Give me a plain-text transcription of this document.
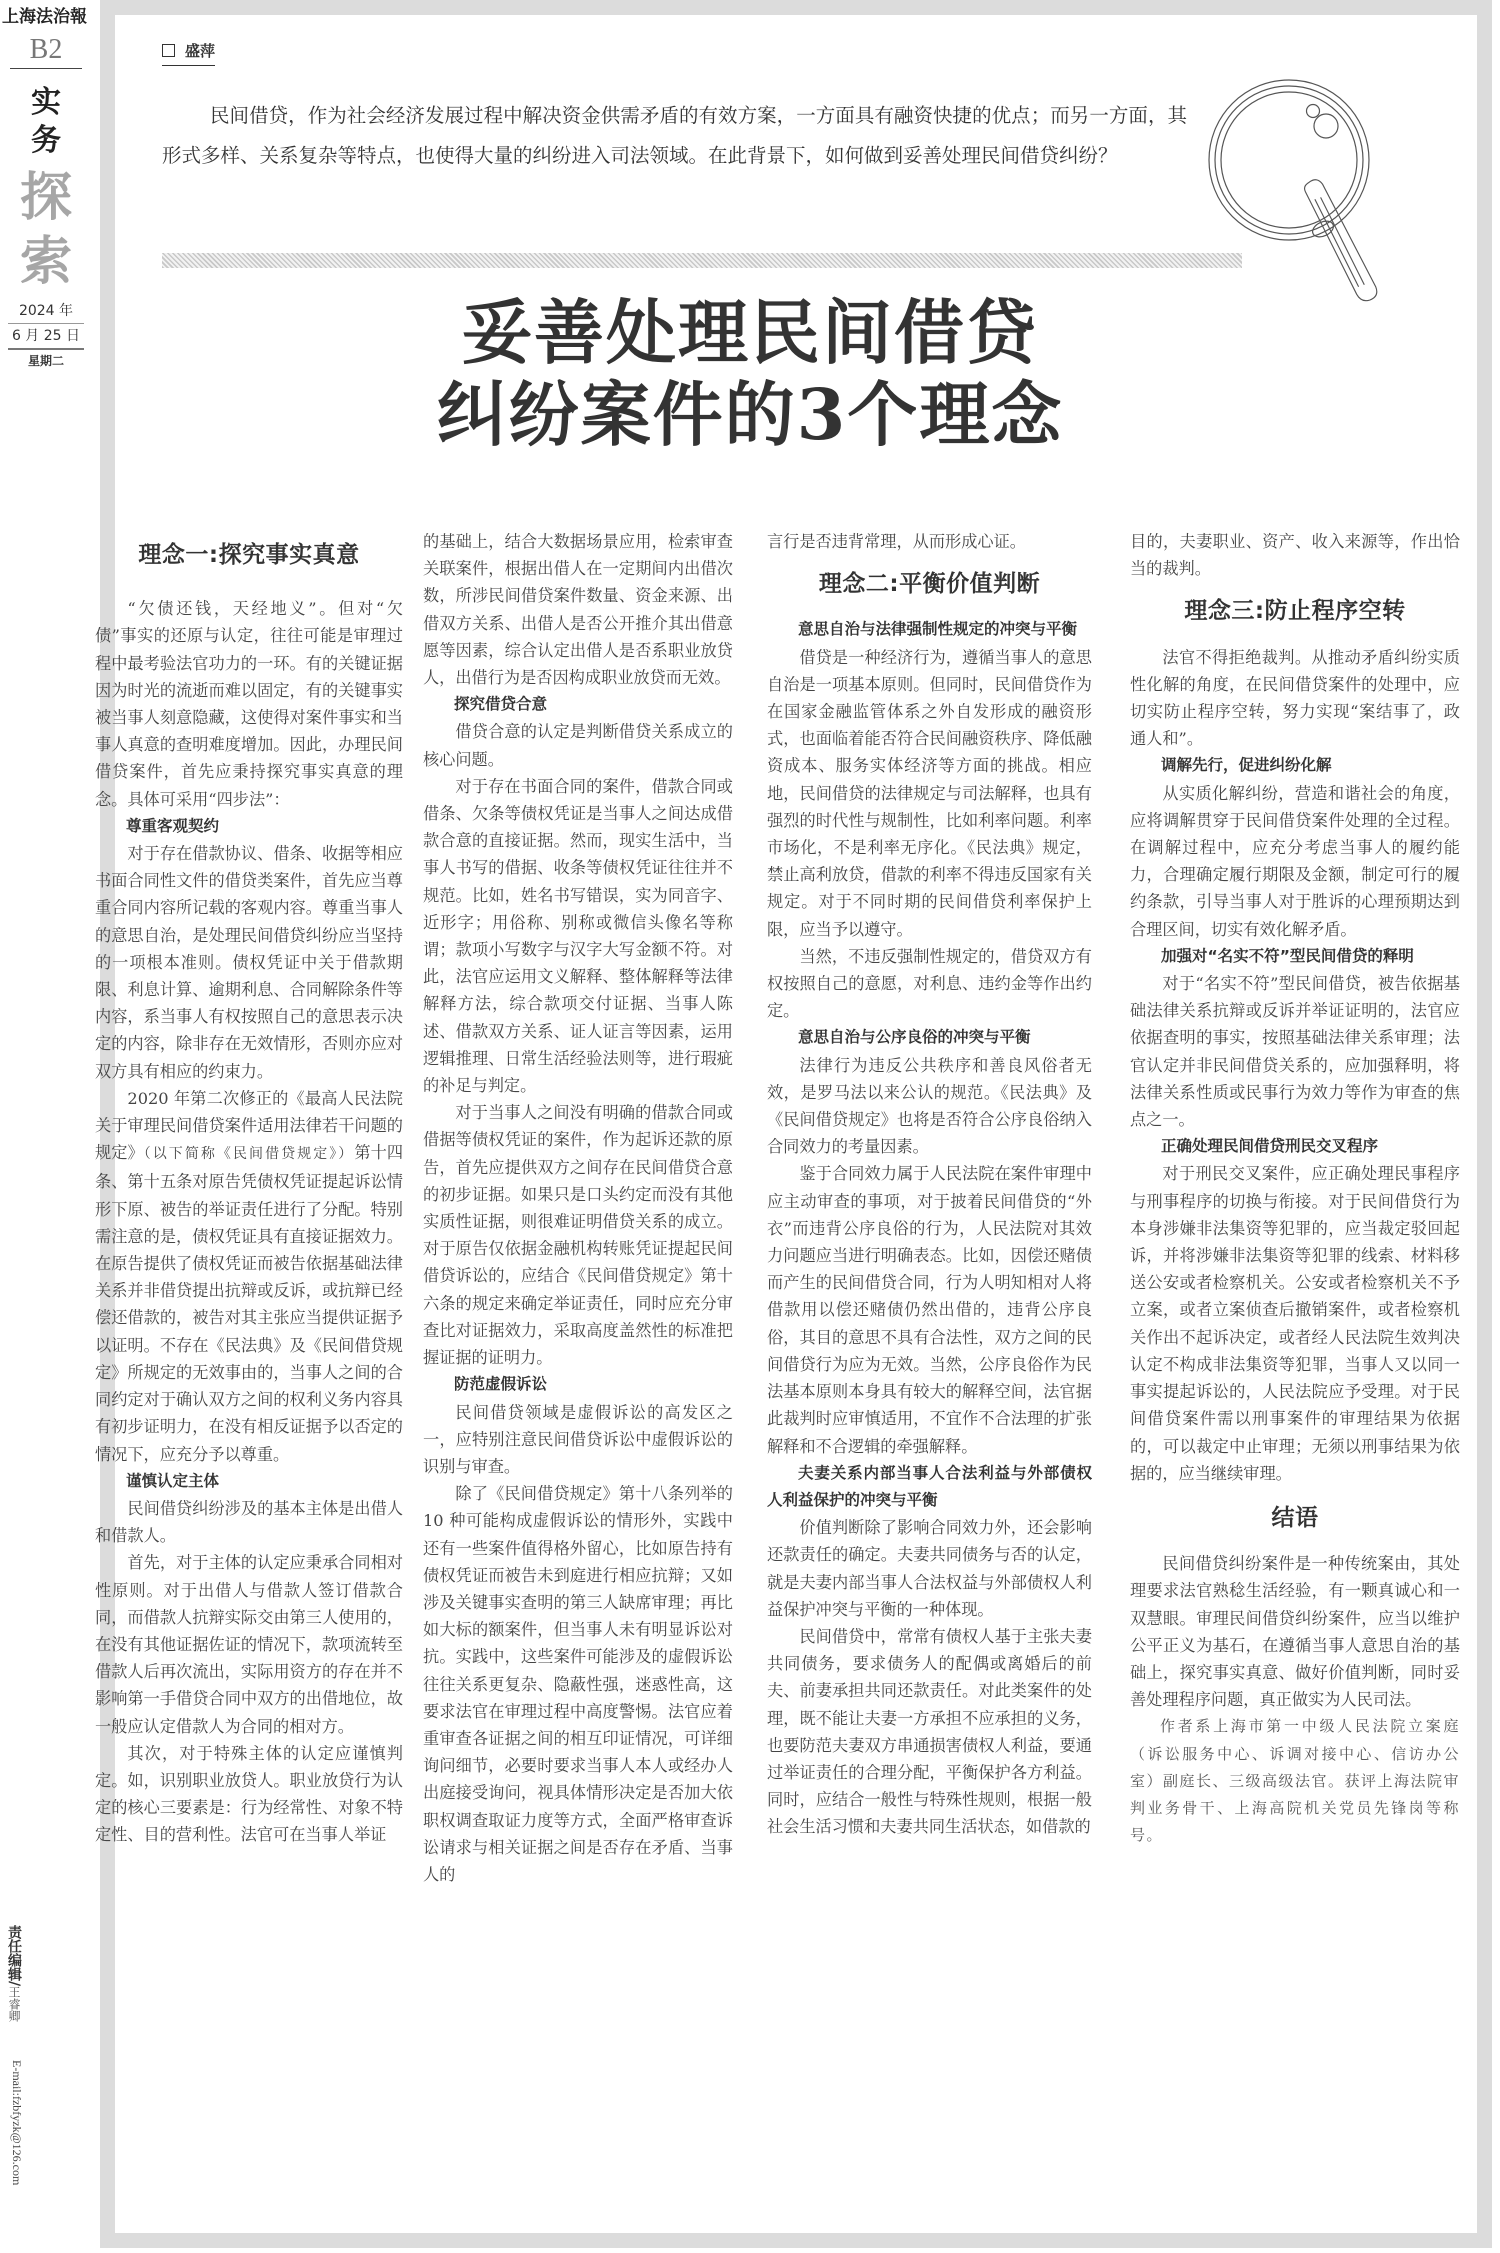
上海法治報
B2
实务
探索
2024 年
6 月 25 日
星期二
责任编辑/王睿卿
E-mail:fzbfyzk@126.com
盛萍
民间借贷，作为社会经济发展过程中解决资金供需矛盾的有效方案，一方面具有融资快捷的优点；而另一方面，其形式多样、关系复杂等特点，也使得大量的纠纷进入司法领域。在此背景下，如何做到妥善处理民间借贷纠纷？
妥善处理民间借贷
纠纷案件的3个理念
理念一:探究事实真意

“欠债还钱，天经地义”。但对“欠债”事实的还原与认定，往往可能是审理过程中最考验法官功力的一环。有的关键证据因为时光的流逝而难以固定，有的关键事实被当事人刻意隐藏，这使得对案件事实和当事人真意的查明难度增加。因此，办理民间借贷案件，首先应秉持探究事实真意的理念。具体可采用“四步法”：

尊重客观契约

对于存在借款协议、借条、收据等相应书面合同性文件的借贷类案件，首先应当尊重合同内容所记载的客观内容。尊重当事人的意思自治，是处理民间借贷纠纷应当坚持的一项根本准则。债权凭证中关于借款期限、利息计算、逾期利息、合同解除条件等内容，系当事人有权按照自己的意思表示决定的内容，除非存在无效情形，否则亦应对双方具有相应的约束力。

2020 年第二次修正的《最高人民法院关于审理民间借贷案件适用法律若干问题的规定》（以下简称《民间借贷规定》）第十四条、第十五条对原告凭债权凭证提起诉讼情形下原、被告的举证责任进行了分配。特别需注意的是，债权凭证具有直接证据效力。在原告提供了债权凭证而被告依据基础法律关系并非借贷提出抗辩或反诉，或抗辩已经偿还借款的，被告对其主张应当提供证据予以证明。不存在《民法典》及《民间借贷规定》所规定的无效事由的，当事人之间的合同约定对于确认双方之间的权利义务内容具有初步证明力，在没有相反证据予以否定的情况下，应充分予以尊重。

谨慎认定主体

民间借贷纠纷涉及的基本主体是出借人和借款人。

首先，对于主体的认定应秉承合同相对性原则。对于出借人与借款人签订借款合同，而借款人抗辩实际交由第三人使用的，在没有其他证据佐证的情况下，款项流转至借款人后再次流出，实际用资方的存在并不影响第一手借贷合同中双方的出借地位，故一般应认定借款人为合同的相对方。

其次，对于特殊主体的认定应谨慎判定。如，识别职业放贷人。职业放贷行为认定的核心三要素是：行为经常性、对象不特定性、目的营利性。法官可在当事人举证

的基础上，结合大数据场景应用，检索审查关联案件，根据出借人在一定期间内出借次数，所涉民间借贷案件数量、资金来源、出借双方关系、出借人是否公开推介其出借意愿等因素，综合认定出借人是否系职业放贷人，出借行为是否因构成职业放贷而无效。

探究借贷合意

借贷合意的认定是判断借贷关系成立的核心问题。

对于存在书面合同的案件，借款合同或借条、欠条等债权凭证是当事人之间达成借款合意的直接证据。然而，现实生活中，当事人书写的借据、收条等债权凭证往往并不规范。比如，姓名书写错误，实为同音字、近形字；用俗称、别称或微信头像名等称谓；款项小写数字与汉字大写金额不符。对此，法官应运用文义解释、整体解释等法律解释方法，综合款项交付证据、当事人陈述、借款双方关系、证人证言等因素，运用逻辑推理、日常生活经验法则等，进行瑕疵的补足与判定。

对于当事人之间没有明确的借款合同或借据等债权凭证的案件，作为起诉还款的原告，首先应提供双方之间存在民间借贷合意的初步证据。如果只是口头约定而没有其他实质性证据，则很难证明借贷关系的成立。对于原告仅依据金融机构转账凭证提起民间借贷诉讼的，应结合《民间借贷规定》第十六条的规定来确定举证责任，同时应充分审查比对证据效力，采取高度盖然性的标准把握证据的证明力。

防范虚假诉讼

民间借贷领域是虚假诉讼的高发区之一，应特别注意民间借贷诉讼中虚假诉讼的识别与审查。

除了《民间借贷规定》第十八条列举的 10 种可能构成虚假诉讼的情形外，实践中还有一些案件值得格外留心，比如原告持有债权凭证而被告未到庭进行相应抗辩；又如涉及关键事实查明的第三人缺席审理；再比如大标的额案件，但当事人未有明显诉讼对抗。实践中，这些案件可能涉及的虚假诉讼往往关系更复杂、隐蔽性强，迷惑性高，这要求法官在审理过程中高度警惕。法官应着重审查各证据之间的相互印证情况，可详细询问细节，必要时要求当事人本人或经办人出庭接受询问，视具体情形决定是否加大依职权调查取证力度等方式，全面严格审查诉讼请求与相关证据之间是否存在矛盾、当事人的

言行是否违背常理，从而形成心证。

理念二:平衡价值判断
意思自治与法律强制性规定的冲突与平衡

借贷是一种经济行为，遵循当事人的意思自治是一项基本原则。但同时，民间借贷作为在国家金融监管体系之外自发形成的融资形式，也面临着能否符合民间融资秩序、降低融资成本、服务实体经济等方面的挑战。相应地，民间借贷的法律规定与司法解释，也具有强烈的时代性与规制性，比如利率问题。利率市场化，不是利率无序化。《民法典》规定，禁止高利放贷，借款的利率不得违反国家有关规定。对于不同时期的民间借贷利率保护上限，应当予以遵守。

当然，不违反强制性规定的，借贷双方有权按照自己的意愿，对利息、违约金等作出约定。

意思自治与公序良俗的冲突与平衡

法律行为违反公共秩序和善良风俗者无效，是罗马法以来公认的规范。《民法典》及《民间借贷规定》也将是否符合公序良俗纳入合同效力的考量因素。

鉴于合同效力属于人民法院在案件审理中应主动审查的事项，对于披着民间借贷的“外衣”而违背公序良俗的行为，人民法院对其效力问题应当进行明确表态。比如，因偿还赌债而产生的民间借贷合同，行为人明知相对人将借款用以偿还赌债仍然出借的，违背公序良俗，其目的意思不具有合法性，双方之间的民间借贷行为应为无效。当然，公序良俗作为民法基本原则本身具有较大的解释空间，法官据此裁判时应审慎适用，不宜作不合法理的扩张解释和不合逻辑的牵强解释。

夫妻关系内部当事人合法利益与外部债权人利益保护的冲突与平衡

价值判断除了影响合同效力外，还会影响还款责任的确定。夫妻共同债务与否的认定，就是夫妻内部当事人合法权益与外部债权人利益保护冲突与平衡的一种体现。

民间借贷中，常常有债权人基于主张夫妻共同债务，要求债务人的配偶或离婚后的前夫、前妻承担共同还款责任。对此类案件的处理，既不能让夫妻一方承担不应承担的义务，也要防范夫妻双方串通损害债权人利益，要通过举证责任的合理分配，平衡保护各方利益。同时，应结合一般性与特殊性规则，根据一般社会生活习惯和夫妻共同生活状态，如借款的

目的，夫妻职业、资产、收入来源等，作出恰当的裁判。

理念三:防止程序空转

法官不得拒绝裁判。从推动矛盾纠纷实质性化解的角度，在民间借贷案件的处理中，应切实防止程序空转，努力实现“案结事了，政通人和”。

调解先行，促进纠纷化解

从实质化解纠纷，营造和谐社会的角度，应将调解贯穿于民间借贷案件处理的全过程。在调解过程中，应充分考虑当事人的履约能力，合理确定履行期限及金额，制定可行的履约条款，引导当事人对于胜诉的心理预期达到合理区间，切实有效化解矛盾。

加强对“名实不符”型民间借贷的释明

对于“名实不符”型民间借贷，被告依据基础法律关系抗辩或反诉并举证证明的，法官应依据查明的事实，按照基础法律关系审理；法官认定并非民间借贷关系的，应加强释明，将法律关系性质或民事行为效力等作为审查的焦点之一。

正确处理民间借贷刑民交叉程序

对于刑民交叉案件，应正确处理民事程序与刑事程序的切换与衔接。对于民间借贷行为本身涉嫌非法集资等犯罪的，应当裁定驳回起诉，并将涉嫌非法集资等犯罪的线索、材料移送公安或者检察机关。公安或者检察机关不予立案，或者立案侦查后撤销案件，或者检察机关作出不起诉决定，或者经人民法院生效判决认定不构成非法集资等犯罪，当事人又以同一事实提起诉讼的，人民法院应予受理。对于民间借贷案件需以刑事案件的审理结果为依据的，可以裁定中止审理；无须以刑事结果为依据的，应当继续审理。

结语

民间借贷纠纷案件是一种传统案由，其处理要求法官熟稔生活经验，有一颗真诚心和一双慧眼。审理民间借贷纠纷案件，应当以维护公平正义为基石，在遵循当事人意思自治的基础上，探究事实真意、做好价值判断，同时妥善处理程序问题，真正做实为人民司法。

作者系上海市第一中级人民法院立案庭（诉讼服务中心、诉调对接中心、信访办公室）副庭长、三级高级法官。获评上海法院审判业务骨干、上海高院机关党员先锋岗等称号。
